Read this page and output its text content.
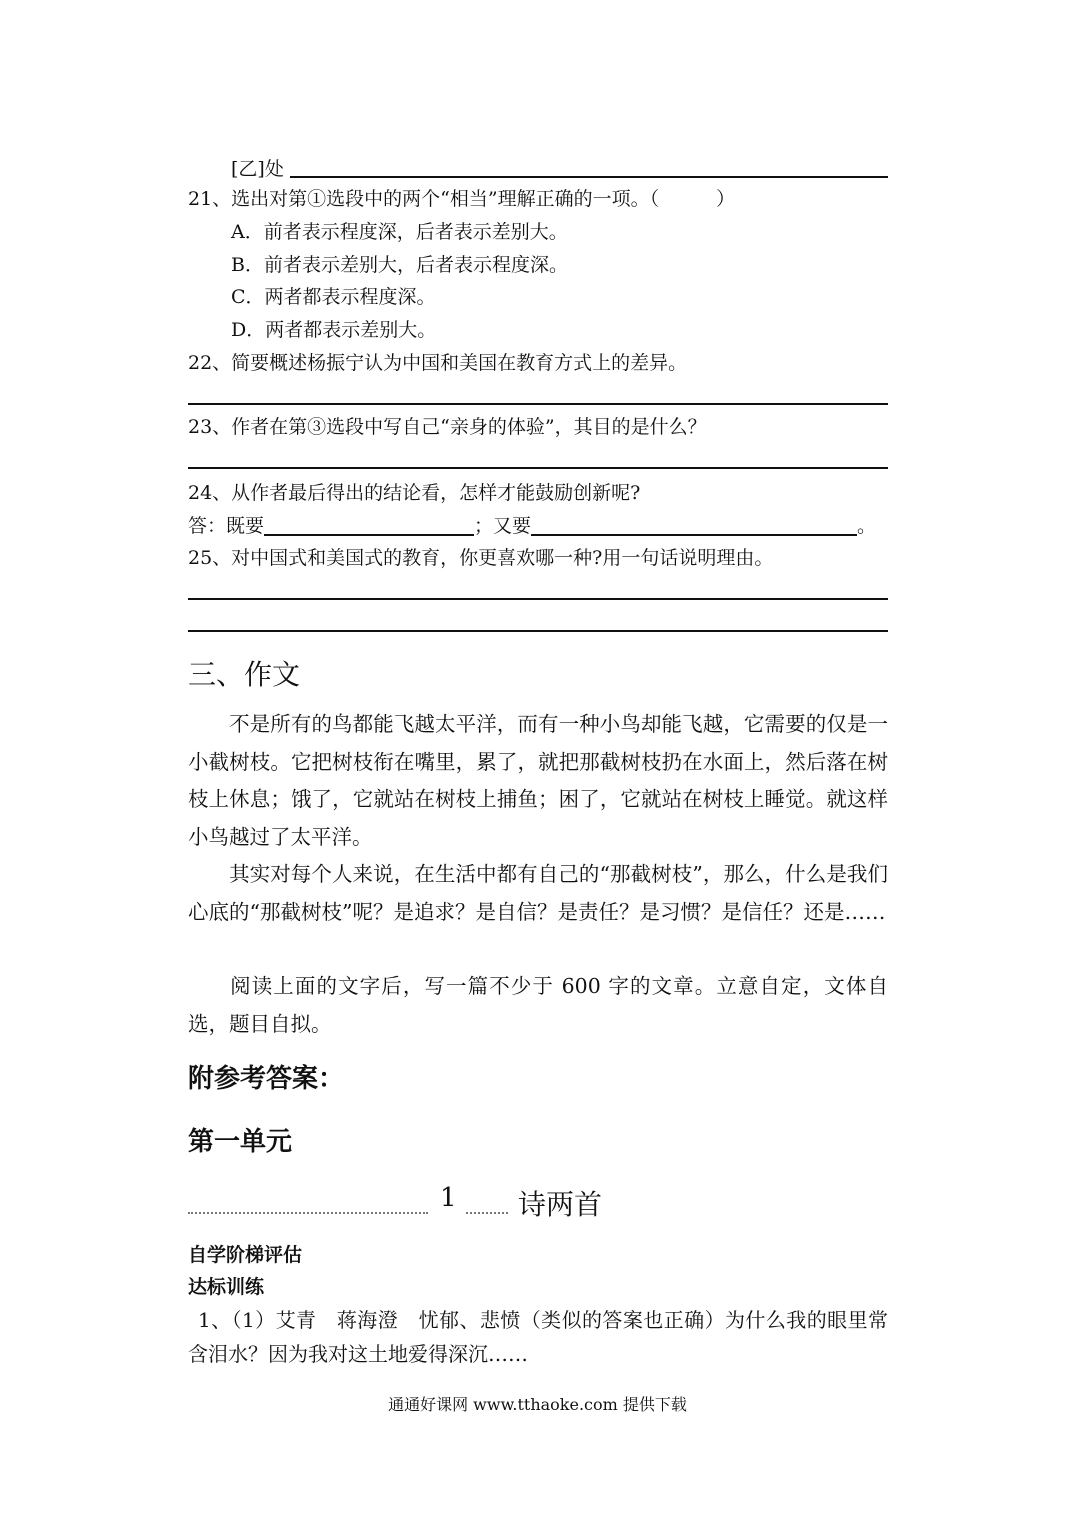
[乙]处
21、选出对第①选段中的两个“相当”理解正确的一项。（　　　）
A．前者表示程度深，后者表示差别大。
B．前者表示差别大，后者表示程度深。
C．两者都表示程度深。
D．两者都表示差别大。
22、简要概述杨振宁认为中国和美国在教育方式上的差异。
23、作者在第③选段中写自己“亲身的体验”，其目的是什么？
24、从作者最后得出的结论看，怎样才能鼓励创新呢?
答：既要	；又要	。
25、对中国式和美国式的教育，你更喜欢哪一种?用一句话说明理由。
三、作文
不是所有的鸟都能飞越太平洋，而有一种小鸟却能飞越，它需要的仅是一小截树枝。它把树枝衔在嘴里，累了，就把那截树枝扔在水面上，然后落在树枝上休息；饿了，它就站在树枝上捕鱼；困了，它就站在树枝上睡觉。就这样小鸟越过了太平洋。
其实对每个人来说，在生活中都有自己的“那截树枝”，那么，什么是我们心底的“那截树枝”呢？是追求？是自信？是责任？是习惯？是信任？还是……
阅读上面的文字后，写一篇不少于 600 字的文章。立意自定，文体自选，题目自拟。
附参考答案：
第一单元
1 诗两首
自学阶梯评估
达标训练
1、（1）艾青　蒋海澄　忧郁、悲愤（类似的答案也正确）为什么我的眼里常含泪水？因为我对这土地爱得深沉……
通通好课网 www.tthaoke.com 提供下载
